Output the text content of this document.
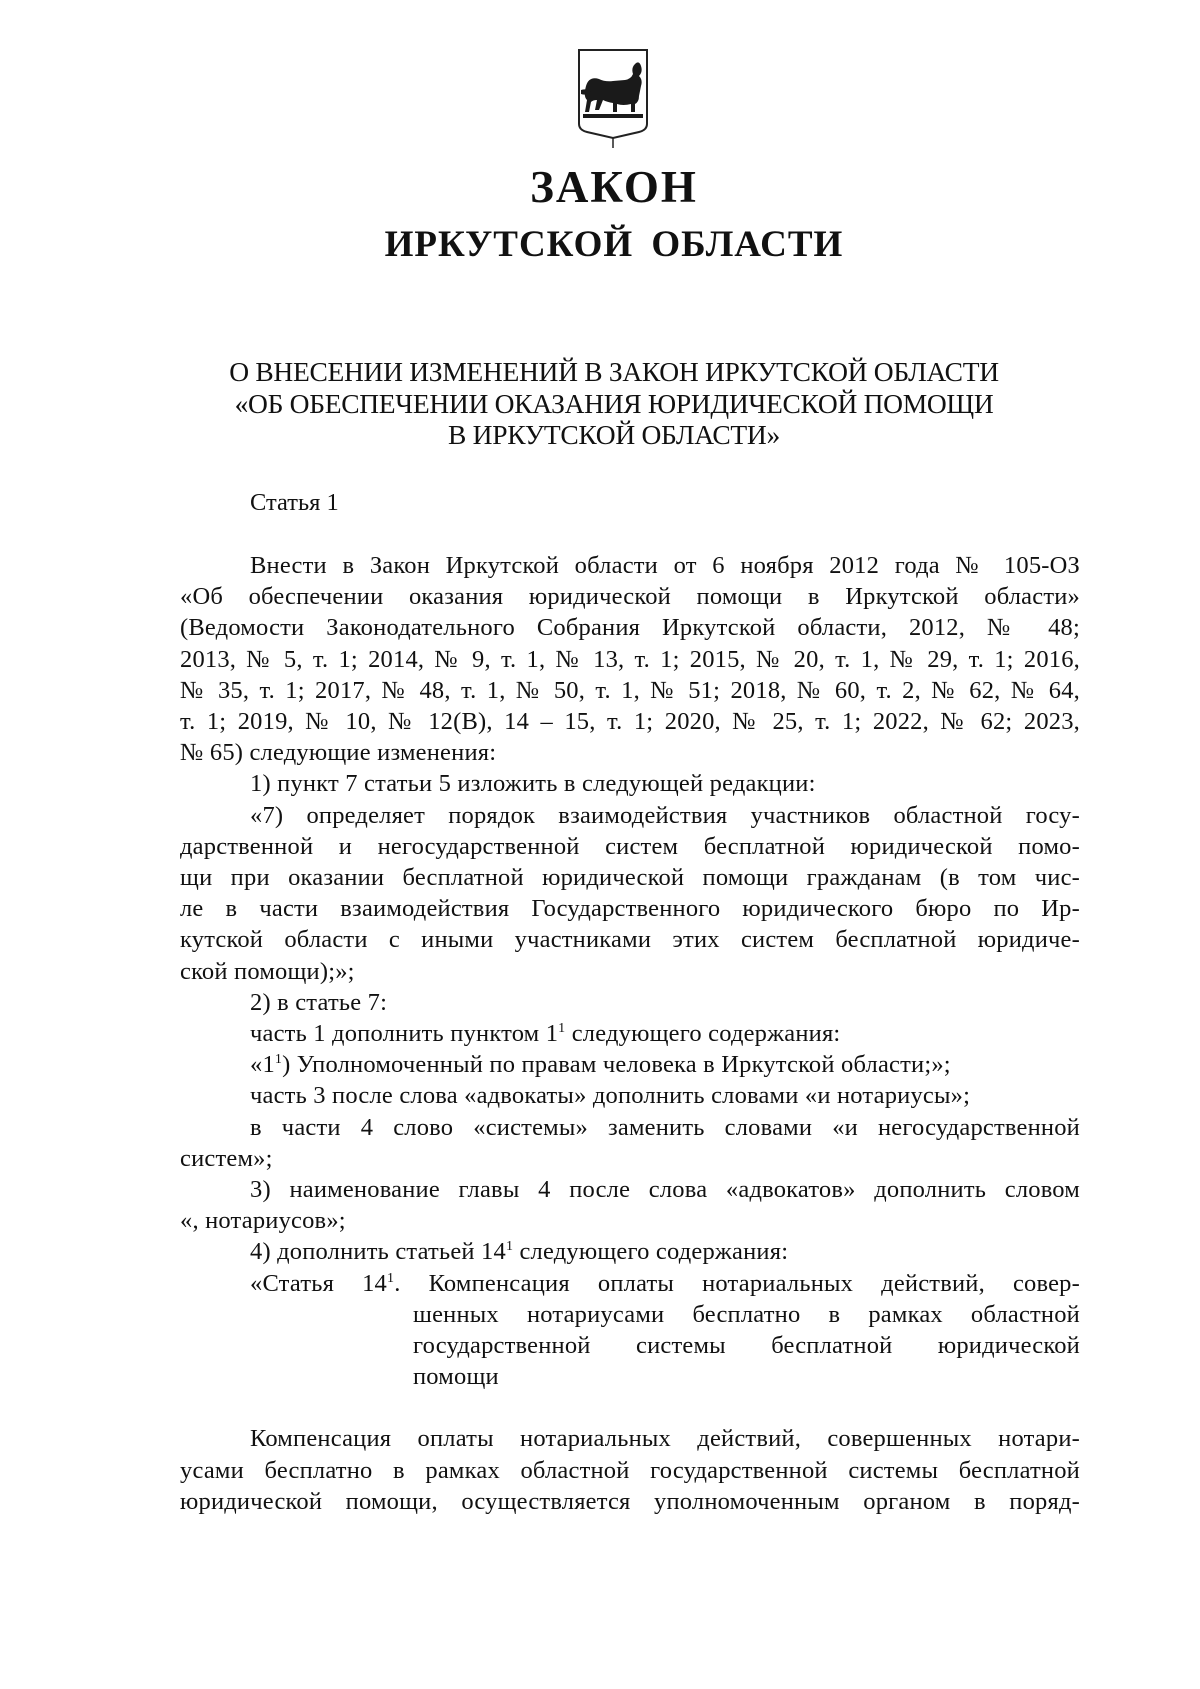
ЗАКОН
ИРКУТСКОЙ ОБЛАСТИ
О ВНЕСЕНИИ ИЗМЕНЕНИЙ В ЗАКОН ИРКУТСКОЙ ОБЛАСТИ
«ОБ ОБЕСПЕЧЕНИИ ОКАЗАНИЯ ЮРИДИЧЕСКОЙ ПОМОЩИ
В ИРКУТСКОЙ ОБЛАСТИ»
Статья 1
Внести в Закон Иркутской области от 6 ноября 2012 года № 105-ОЗ
«Об обеспечении оказания юридической помощи в Иркутской области»
(Ведомости Законодательного Собрания Иркутской области, 2012, № 48;
2013, № 5, т. 1; 2014, № 9, т. 1, № 13, т. 1; 2015, № 20, т. 1, № 29, т. 1; 2016,
№ 35, т. 1; 2017, № 48, т. 1, № 50, т. 1, № 51; 2018, № 60, т. 2, № 62, № 64,
т. 1; 2019, № 10, № 12(В), 14 – 15, т. 1; 2020, № 25, т. 1; 2022, № 62; 2023,
№ 65) следующие изменения:
1) пункт 7 статьи 5 изложить в следующей редакции:
«7) определяет порядок взаимодействия участников областной госу-
дарственной и негосударственной систем бесплатной юридической помо-
щи при оказании бесплатной юридической помощи гражданам (в том чис-
ле в части взаимодействия Государственного юридического бюро по Ир-
кутской области с иными участниками этих систем бесплатной юридиче-
ской помощи);»;
2) в статье 7:
часть 1 дополнить пунктом $1^1$ следующего содержания:
«$1^1$) Уполномоченный по правам человека в Иркутской области;»;
часть 3 после слова «адвокаты» дополнить словами «и нотариусы»;
в части 4 слово «системы» заменить словами «и негосударственной
систем»;
3) наименование главы 4 после слова «адвокатов» дополнить словом
«, нотариусов»;
4) дополнить статьей $14^1$ следующего содержания:
«Статья $14^1$. Компенсация оплаты нотариальных действий, совер-
шенных нотариусами бесплатно в рамках областной
государственной системы бесплатной юридической
помощи
Компенсация оплаты нотариальных действий, совершенных нотари-
усами бесплатно в рамках областной государственной системы бесплатной
юридической помощи, осуществляется уполномоченным органом в поряд-
